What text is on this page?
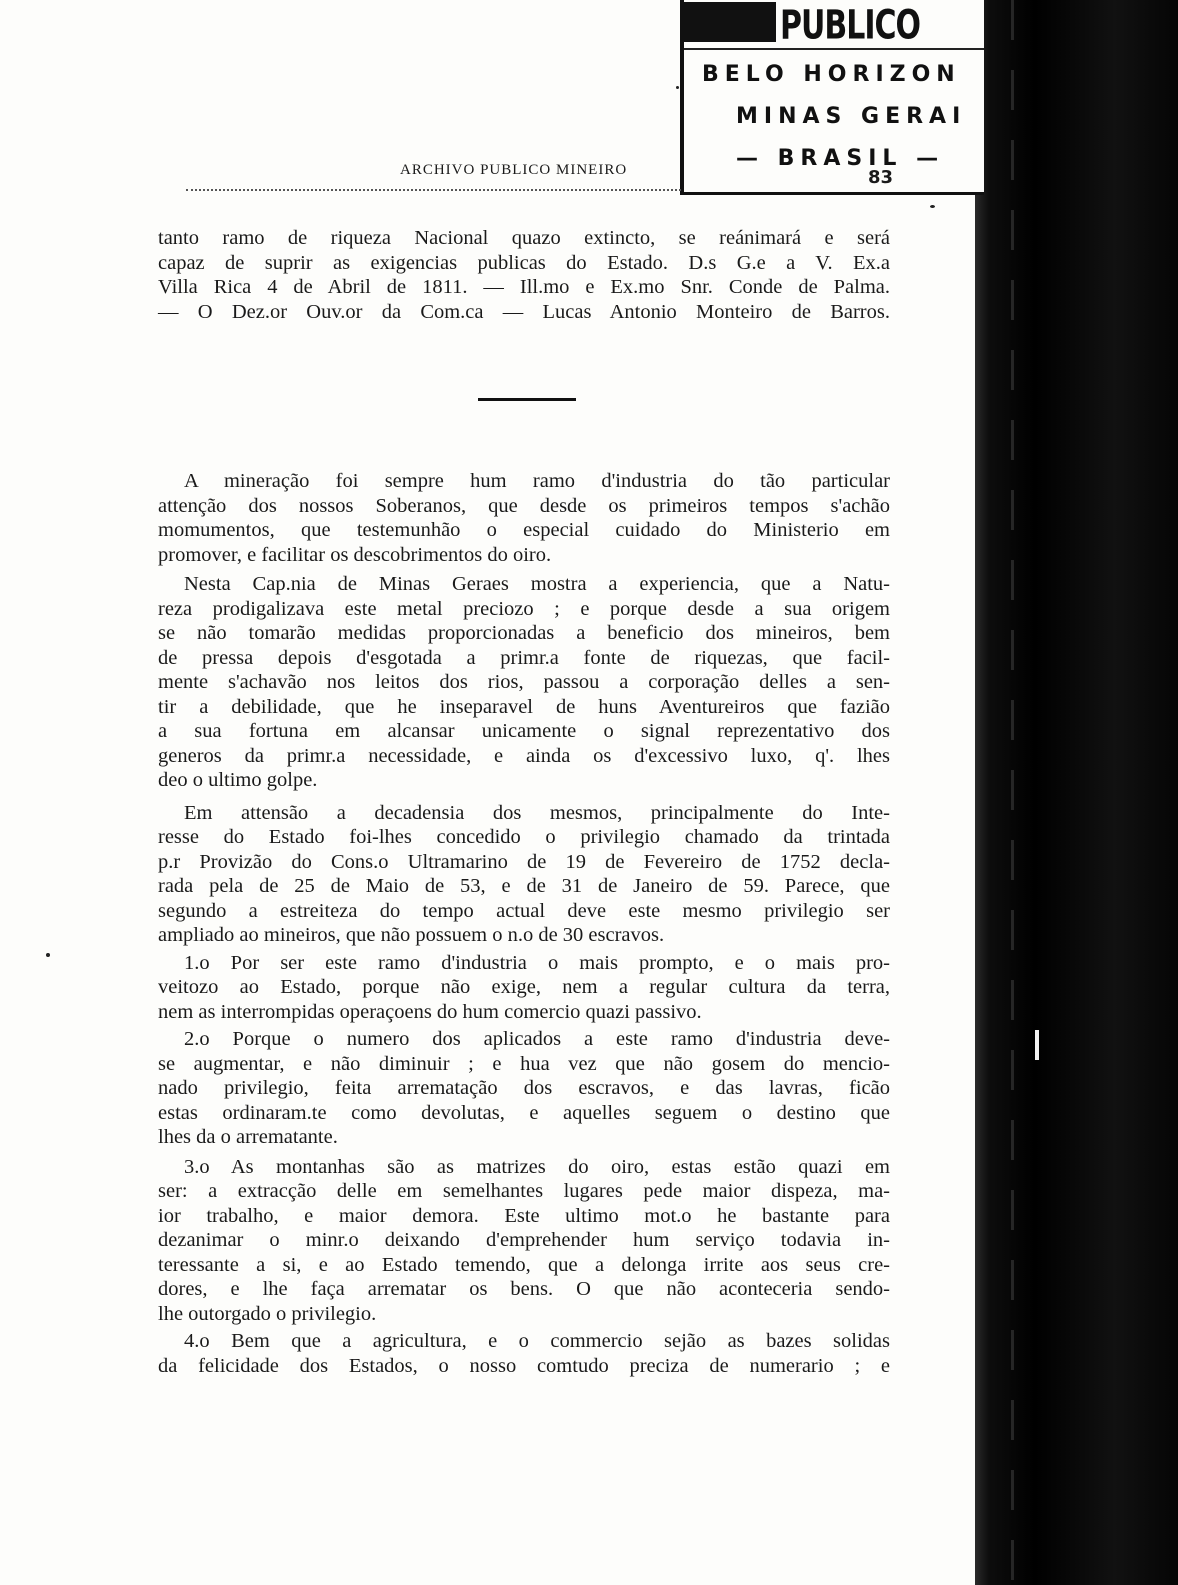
PUBLICO
BELO HORIZON
MINAS GERAI
— BRASIL —
ARCHIVO PUBLICO MINEIRO	83
tanto ramo de riqueza Nacional quazo extincto, se reánimará e será
capaz de suprir as exigencias publicas do Estado. D.s G.e a V. Ex.a
Villa Rica 4 de Abril de 1811. — Ill.mo e Ex.mo Snr. Conde de Palma.
— O Dez.or Ouv.or da Com.ca — Lucas Antonio Monteiro de Barros.

A mineração foi sempre hum ramo d'industria do tão particular
attenção dos nossos Soberanos, que desde os primeiros tempos s'achão
momumentos, que testemunhão o especial cuidado do Ministerio em
promover, e facilitar os descobrimentos do oiro.

Nesta Cap.nia de Minas Geraes mostra a experiencia, que a Natu-
reza prodigalizava este metal preciozo ; e porque desde a sua origem
se não tomarão medidas proporcionadas a beneficio dos mineiros, bem
de pressa depois d'esgotada a primr.a fonte de riquezas, que facil-
mente s'achavão nos leitos dos rios, passou a corporação delles a sen-
tir a debilidade, que he inseparavel de huns Aventureiros que fazião
a sua fortuna em alcansar unicamente o signal reprezentativo dos
generos da primr.a necessidade, e ainda os d'excessivo luxo, q'. lhes
deo o ultimo golpe.

Em attensão a decadensia dos mesmos, principalmente do Inte-
resse do Estado foi-lhes concedido o privilegio chamado da trintada
p.r Provizão do Cons.o Ultramarino de 19 de Fevereiro de 1752 decla-
rada pela de 25 de Maio de 53, e de 31 de Janeiro de 59. Parece, que
segundo a estreiteza do tempo actual deve este mesmo privilegio ser
ampliado ao mineiros, que não possuem o n.o de 30 escravos.

1.o Por ser este ramo d'industria o mais prompto, e o mais pro-
veitozo ao Estado, porque não exige, nem a regular cultura da terra,
nem as interrompidas operaçoens do hum comercio quazi passivo.

2.o Porque o numero dos aplicados a este ramo d'industria deve-
se augmentar, e não diminuir ; e hua vez que não gosem do mencio-
nado privilegio, feita arrematação dos escravos, e das lavras, ficão
estas ordinaram.te como devolutas, e aquelles seguem o destino que
lhes da o arrematante.

3.o As montanhas são as matrizes do oiro, estas estão quazi em
ser: a extracção delle em semelhantes lugares pede maior dispeza, ma-
ior trabalho, e maior demora. Este ultimo mot.o he bastante para
dezanimar o minr.o deixando d'emprehender hum serviço todavia in-
teressante a si, e ao Estado temendo, que a delonga irrite aos seus cre-
dores, e lhe faça arrematar os bens. O que não aconteceria sendo-
lhe outorgado o privilegio.

4.o Bem que a agricultura, e o commercio sejão as bazes solidas
da felicidade dos Estados, o nosso comtudo preciza de numerario ; e
